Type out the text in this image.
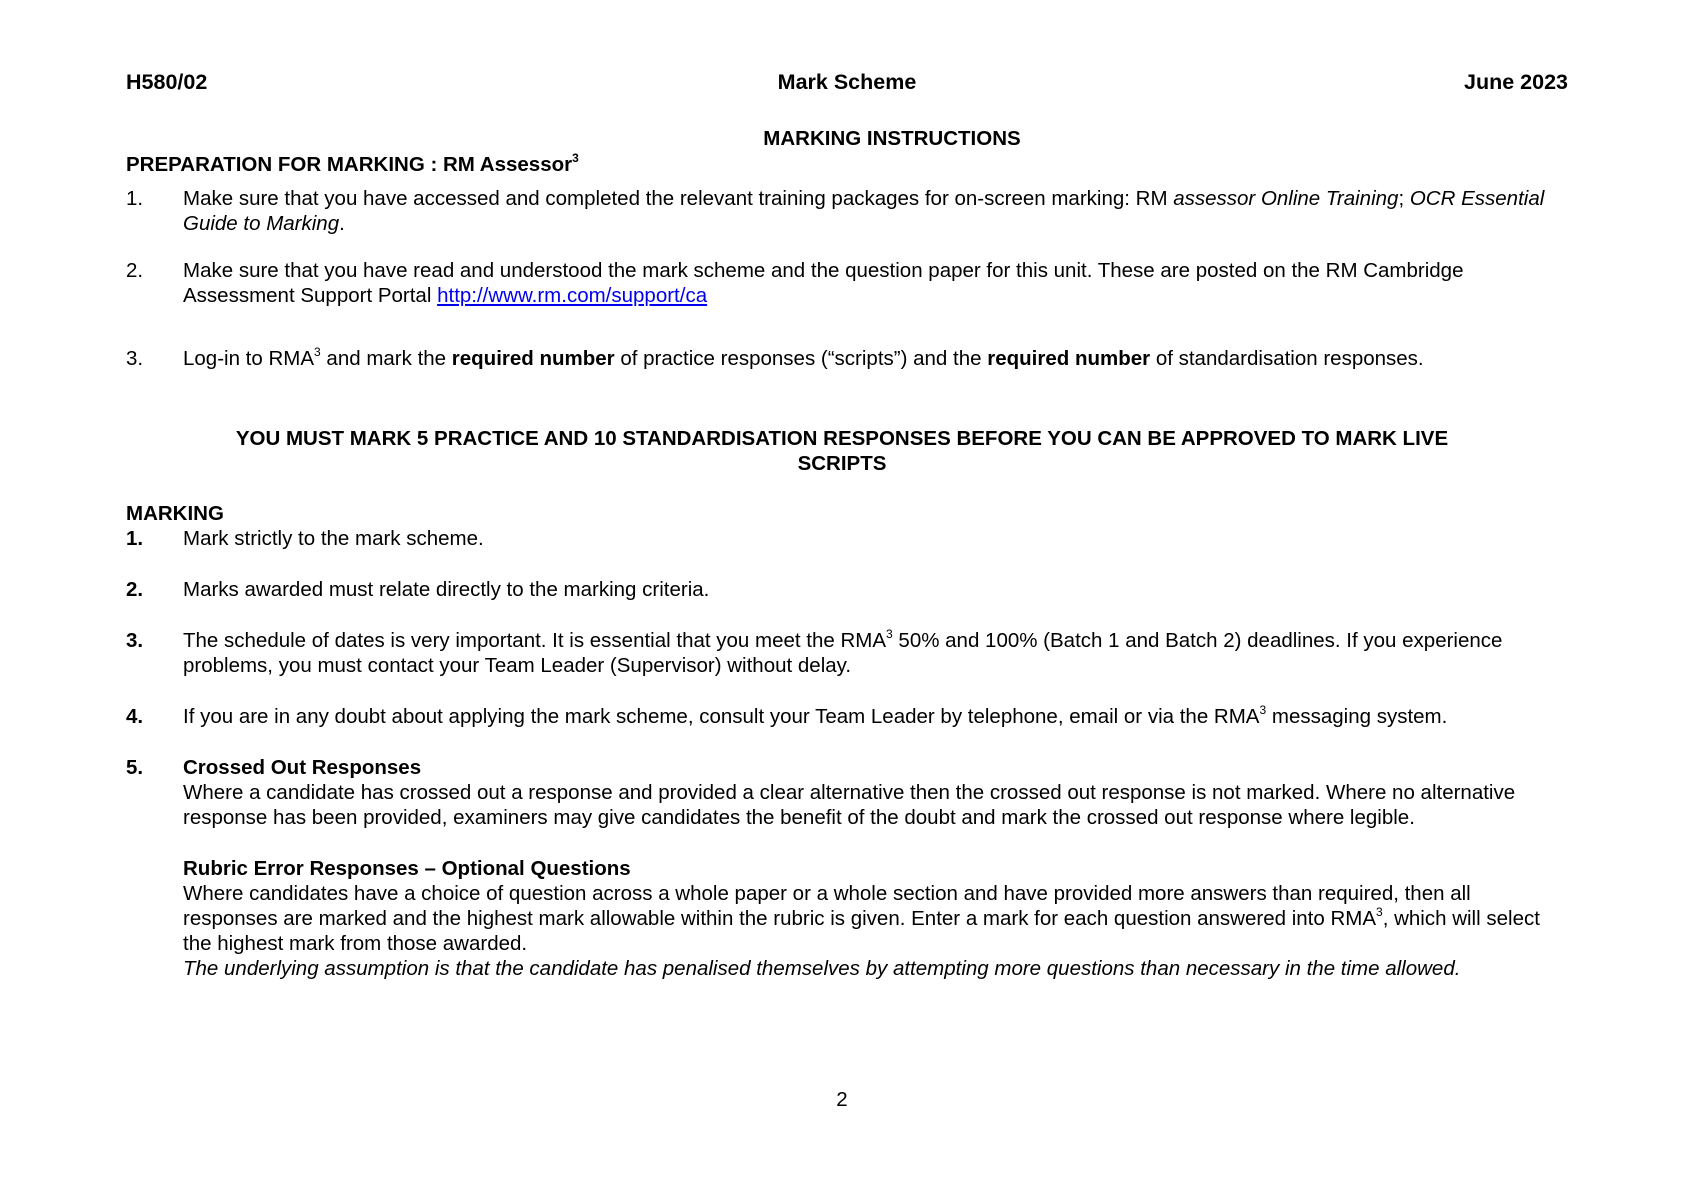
H580/02	Mark Scheme	June 2023
MARKING INSTRUCTIONS
PREPARATION FOR MARKING : RM Assessor$^3$
1.	Make sure that you have accessed and completed the relevant training packages for on-screen marking: RM assessor Online Training; OCR Essential Guide to Marking.
2.	Make sure that you have read and understood the mark scheme and the question paper for this unit. These are posted on the RM Cambridge Assessment Support Portal http://www.rm.com/support/ca
3.	Log-in to RMA$^3$ and mark the required number of practice responses (“scripts”) and the required number of standardisation responses.
YOU MUST MARK 5 PRACTICE AND 10 STANDARDISATION RESPONSES BEFORE YOU CAN BE APPROVED TO MARK LIVE SCRIPTS
MARKING
1.	Mark strictly to the mark scheme.
2.	Marks awarded must relate directly to the marking criteria.
3.	The schedule of dates is very important. It is essential that you meet the RMA$^3$ 50% and 100% (Batch 1 and Batch 2) deadlines. If you experience problems, you must contact your Team Leader (Supervisor) without delay.
4.	If you are in any doubt about applying the mark scheme, consult your Team Leader by telephone, email or via the RMA$^3$ messaging system.
5.	Crossed Out Responses
Where a candidate has crossed out a response and provided a clear alternative then the crossed out response is not marked. Where no alternative response has been provided, examiners may give candidates the benefit of the doubt and mark the crossed out response where legible.
Rubric Error Responses – Optional Questions
Where candidates have a choice of question across a whole paper or a whole section and have provided more answers than required, then all responses are marked and the highest mark allowable within the rubric is given. Enter a mark for each question answered into RMA$^3$, which will select the highest mark from those awarded.
The underlying assumption is that the candidate has penalised themselves by attempting more questions than necessary in the time allowed.
2
